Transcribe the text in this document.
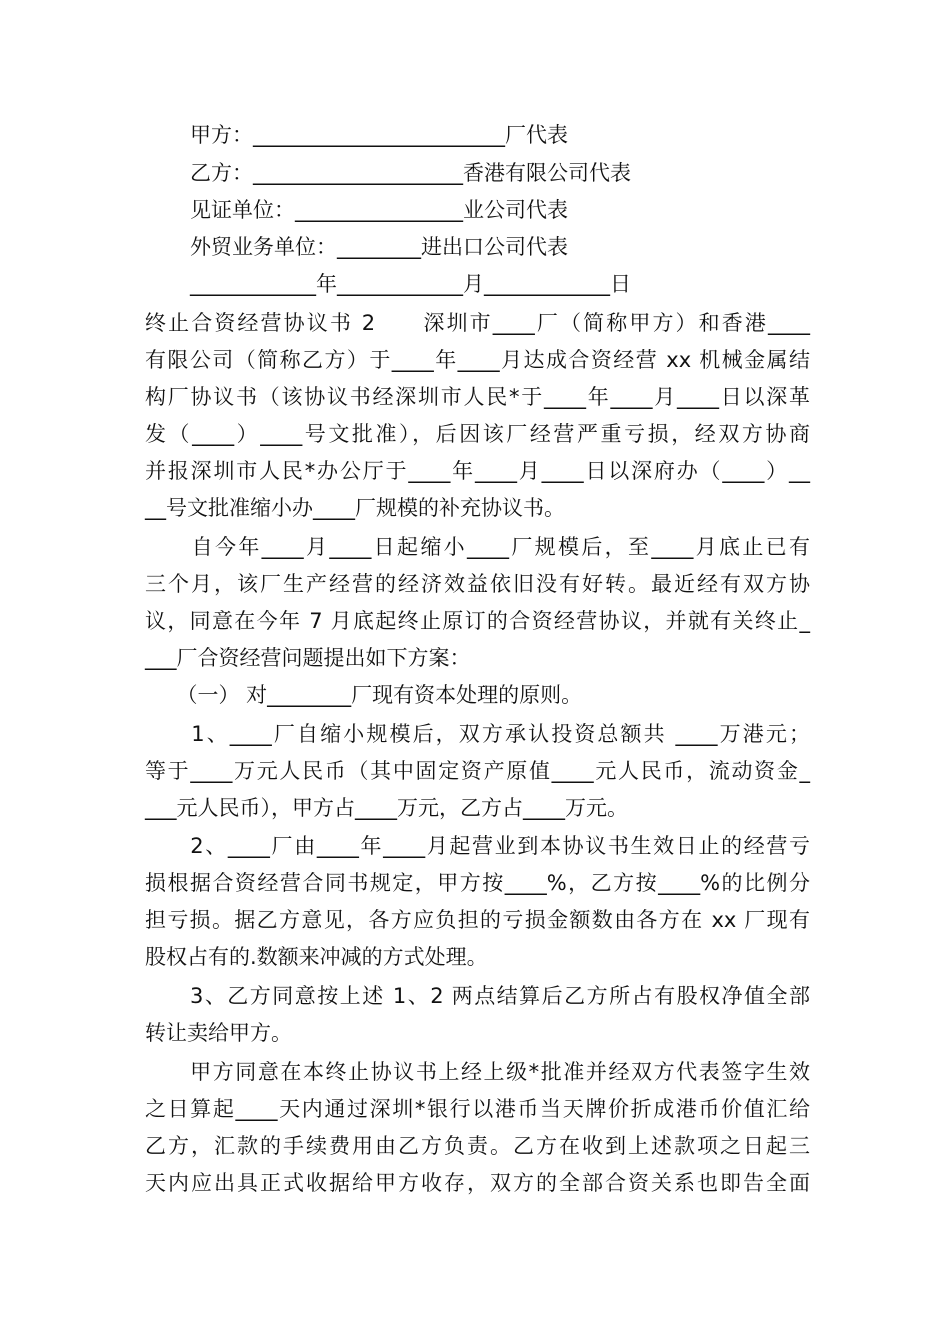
甲方：________________________厂代表
乙方：____________________香港有限公司代表
见证单位：________________业公司代表
外贸业务单位：________进出口公司代表
____________年____________月____________日
终止合资经营协议书 2　　深圳市____厂（简称甲方）和香港____
有限公司（简称乙方）于____年____月达成合资经营 xx 机械金属结
构厂协议书（该协议书经深圳市人民*于____年____月____日以深革
发（____）____号文批准），后因该厂经营严重亏损，经双方协商
并报深圳市人民*办公厅于____年____月____日以深府办（____）__
__号文批准缩小办____厂规模的补充协议书。
　　自今年____月____日起缩小____厂规模后，至____月底止已有
三个月，该厂生产经营的经济效益依旧没有好转。最近经有双方协
议，同意在今年 7 月底起终止原订的合资经营协议，并就有关终止_
___厂合资经营问题提出如下方案：
　　（一） 对________厂现有资本处理的原则。
　　1、____厂自缩小规模后，双方承认投资总额共 ____万港元；
等于____万元人民币（其中固定资产原值____元人民币，流动资金_
___元人民币），甲方占____万元，乙方占____万元。
　　2、____厂由____年____月起营业到本协议书生效日止的经营亏
损根据合资经营合同书规定，甲方按____%，乙方按____%的比例分
担亏损。据乙方意见，各方应负担的亏损金额数由各方在 xx 厂现有
股权占有的.数额来冲减的方式处理。
　　3、乙方同意按上述 1、2 两点结算后乙方所占有股权净值全部
转让卖给甲方。
　　甲方同意在本终止协议书上经上级*批准并经双方代表签字生效
之日算起____天内通过深圳*银行以港币当天牌价折成港币价值汇给
乙方，汇款的手续费用由乙方负责。乙方在收到上述款项之日起三
天内应出具正式收据给甲方收存，双方的全部合资关系也即告全面
